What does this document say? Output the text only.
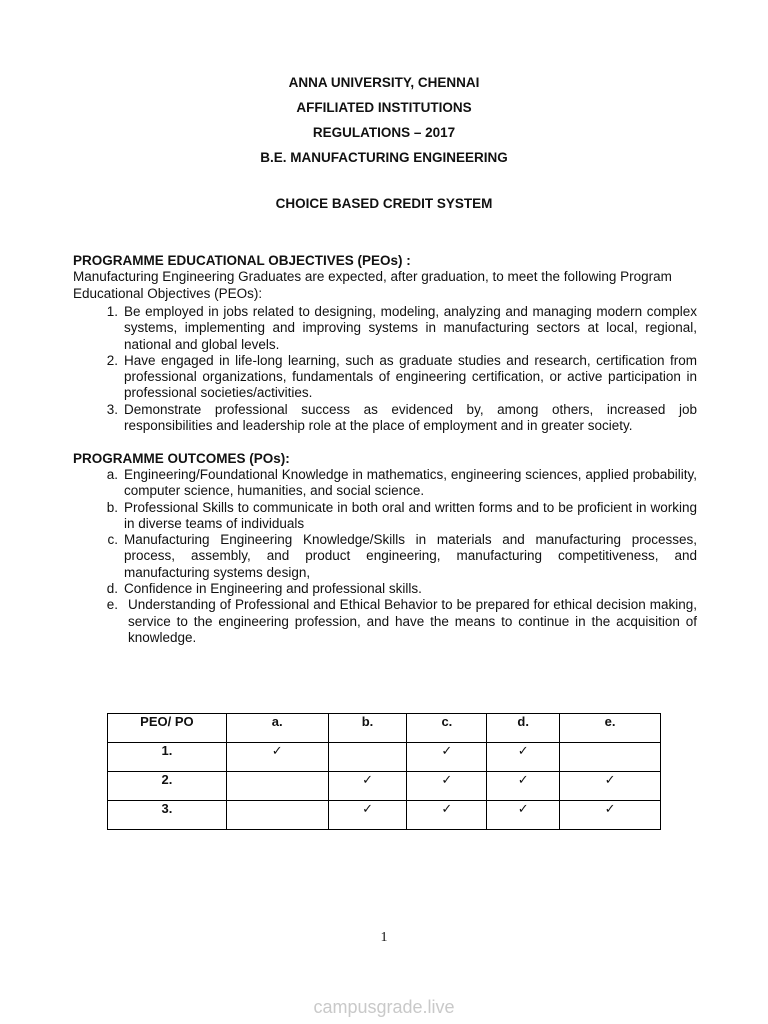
ANNA UNIVERSITY, CHENNAI
AFFILIATED INSTITUTIONS
REGULATIONS – 2017
B.E. MANUFACTURING ENGINEERING
CHOICE BASED CREDIT SYSTEM
PROGRAMME EDUCATIONAL OBJECTIVES (PEOs) :
Manufacturing Engineering Graduates are expected, after graduation, to meet the following Program Educational Objectives (PEOs):
1. Be employed in jobs related to designing, modeling, analyzing and managing modern complex systems, implementing and improving systems in manufacturing sectors at local, regional, national and global levels.
2. Have engaged in life-long learning, such as graduate studies and research, certification from professional organizations, fundamentals of engineering certification, or active participation in professional societies/activities.
3. Demonstrate professional success as evidenced by, among others, increased job responsibilities and leadership role at the place of employment and in greater society.
PROGRAMME OUTCOMES (POs):
a. Engineering/Foundational Knowledge in mathematics, engineering sciences, applied probability, computer science, humanities, and social science.
b. Professional Skills to communicate in both oral and written forms and to be proficient in working in diverse teams of individuals
c. Manufacturing Engineering Knowledge/Skills in materials and manufacturing processes, process, assembly, and product engineering, manufacturing competitiveness, and manufacturing systems design,
d. Confidence in Engineering and professional skills.
e. Understanding of Professional and Ethical Behavior to be prepared for ethical decision making, service to the engineering profession, and have the means to continue in the acquisition of knowledge.
PEO/ PO	a.	b.	c.	d.	e.
1.	✓		✓	✓	
2.		✓	✓	✓	✓
3.		✓	✓	✓	✓
1
campusgrade.live
